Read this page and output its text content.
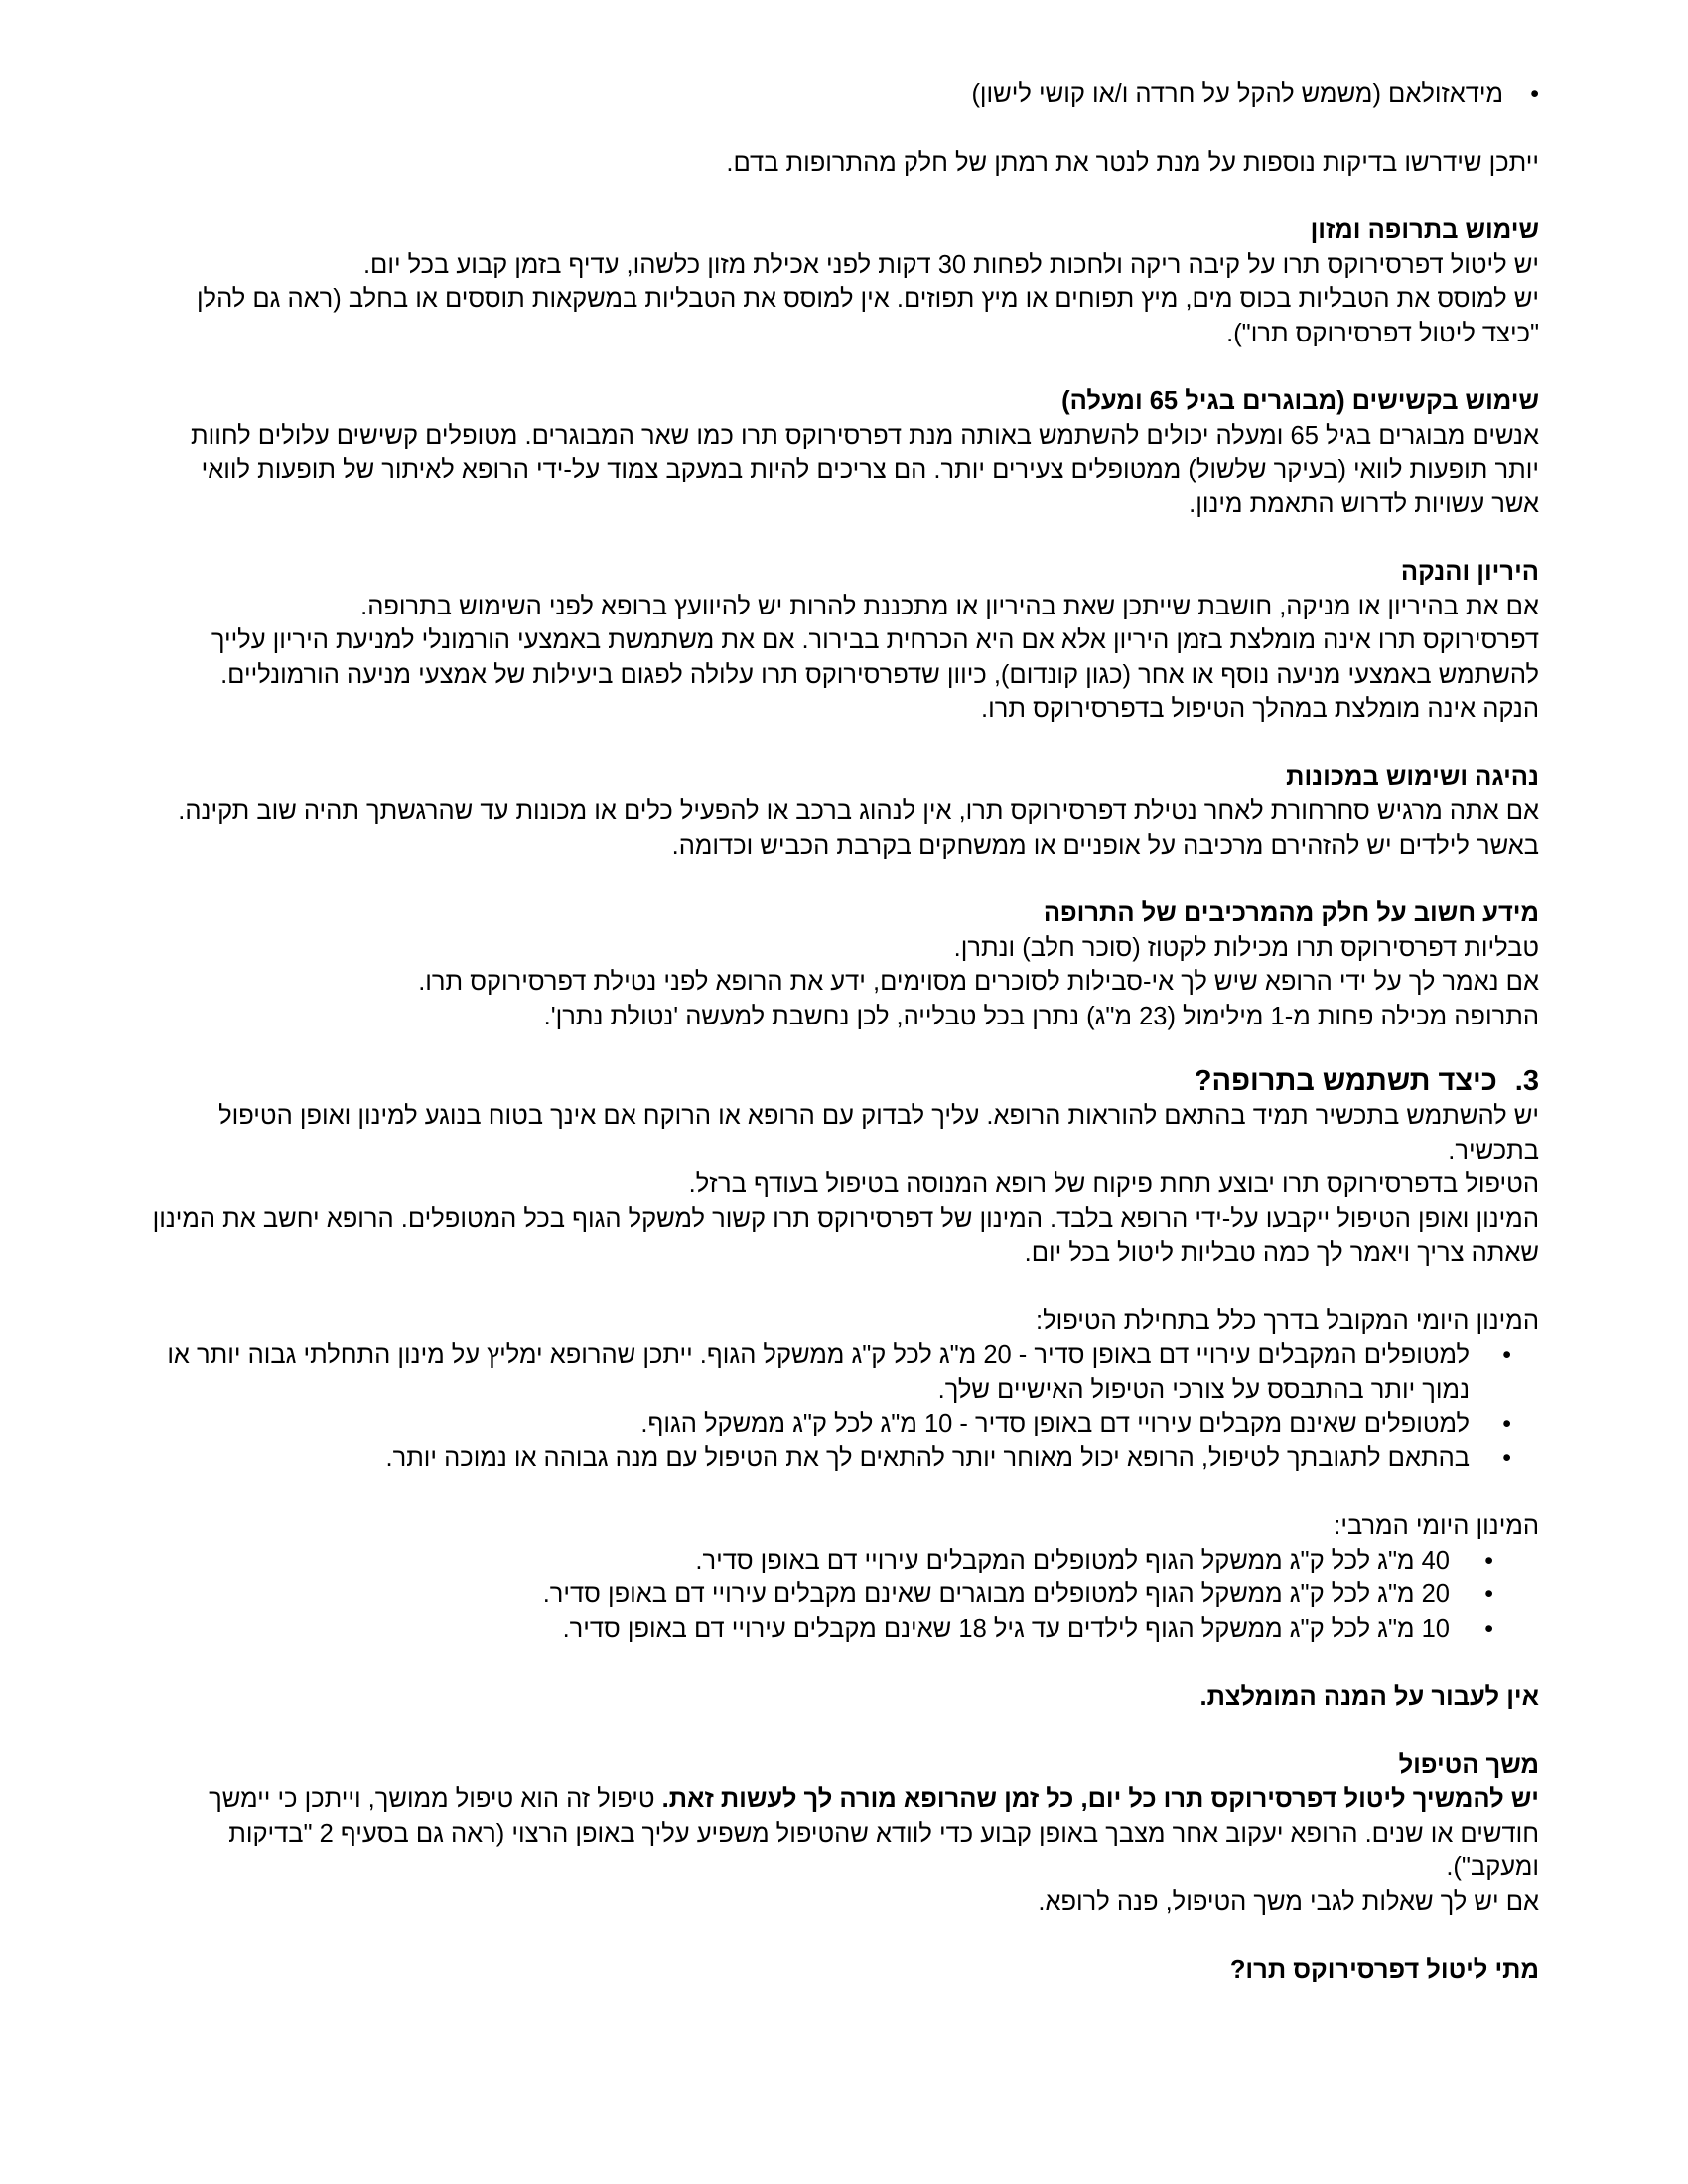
• מידאזולאם (משמש להקל על חרדה ו/או קושי לישון)

ייתכן שידרשו בדיקות נוספות על מנת לנטר את רמתן של חלק מהתרופות בדם.

שימוש בתרופה ומזון

יש ליטול דפרסירוקס תרו על קיבה ריקה ולחכות לפחות 30 דקות לפני אכילת מזון כלשהו, עדיף בזמן קבוע בכל יום.

יש למוסס את הטבליות בכוס מים, מיץ תפוחים או מיץ תפוזים. אין למוסס את הטבליות במשקאות תוססים או בחלב (ראה גם להלן "כיצד ליטול דפרסירוקס תרו").

שימוש בקשישים (מבוגרים בגיל 65 ומעלה)

אנשים מבוגרים בגיל 65 ומעלה יכולים להשתמש באותה מנת דפרסירוקס תרו כמו שאר המבוגרים. מטופלים קשישים עלולים לחוות יותר תופעות לוואי (בעיקר שלשול) ממטופלים צעירים יותר. הם צריכים להיות במעקב צמוד על-ידי הרופא לאיתור של תופעות לוואי אשר עשויות לדרוש התאמת מינון.

היריון והנקה

אם את בהיריון או מניקה, חושבת שייתכן שאת בהיריון או מתכננת להרות יש להיוועץ ברופא לפני השימוש בתרופה.

דפרסירוקס תרו אינה מומלצת בזמן היריון אלא אם היא הכרחית בבירור. אם את משתמשת באמצעי הורמונלי למניעת היריון עלייך להשתמש באמצעי מניעה נוסף או אחר (כגון קונדום), כיוון שדפרסירוקס תרו עלולה לפגום ביעילות של אמצעי מניעה הורמונליים.

הנקה אינה מומלצת במהלך הטיפול בדפרסירוקס תרו.

נהיגה ושימוש במכונות

אם אתה מרגיש סחרחורת לאחר נטילת דפרסירוקס תרו, אין לנהוג ברכב או להפעיל כלים או מכונות עד שהרגשתך תהיה שוב תקינה. באשר לילדים יש להזהירם מרכיבה על אופניים או ממשחקים בקרבת הכביש וכדומה.

מידע חשוב על חלק מהמרכיבים של התרופה

טבליות דפרסירוקס תרו מכילות לקטוז (סוכר חלב) ונתרן.

אם נאמר לך על ידי הרופא שיש לך אי-סבילות לסוכרים מסוימים, ידע את הרופא לפני נטילת דפרסירוקס תרו.

התרופה מכילה פחות מ-1 מילימול (23 מ"ג) נתרן בכל טבלייה, לכן נחשבת למעשה 'נטולת נתרן'.

3.כיצד תשתמש בתרופה?

יש להשתמש בתכשיר תמיד בהתאם להוראות הרופא. עליך לבדוק עם הרופא או הרוקח אם אינך בטוח בנוגע למינון ואופן הטיפול בתכשיר.

הטיפול בדפרסירוקס תרו יבוצע תחת פיקוח של רופא המנוסה בטיפול בעודף ברזל.

המינון ואופן הטיפול ייקבעו על-ידי הרופא בלבד. המינון של דפרסירוקס תרו קשור למשקל הגוף בכל המטופלים. הרופא יחשב את המינון שאתה צריך ויאמר לך כמה טבליות ליטול בכל יום.

המינון היומי המקובל בדרך כלל בתחילת הטיפול:

• למטופלים המקבלים עירויי דם באופן סדיר - 20 מ"ג לכל ק"ג ממשקל הגוף. ייתכן שהרופא ימליץ על מינון התחלתי גבוה יותר או נמוך יותר בהתבסס על צורכי הטיפול האישיים שלך.
• למטופלים שאינם מקבלים עירויי דם באופן סדיר - 10 מ"ג לכל ק"ג ממשקל הגוף.
• בהתאם לתגובתך לטיפול, הרופא יכול מאוחר יותר להתאים לך את הטיפול עם מנה גבוהה או נמוכה יותר.

המינון היומי המרבי:

• 40 מ"ג לכל ק"ג ממשקל הגוף למטופלים המקבלים עירויי דם באופן סדיר.
• 20 מ"ג לכל ק"ג ממשקל הגוף למטופלים מבוגרים שאינם מקבלים עירויי דם באופן סדיר.
• 10 מ"ג לכל ק"ג ממשקל הגוף לילדים עד גיל 18 שאינם מקבלים עירויי דם באופן סדיר.

אין לעבור על המנה המומלצת.

משך הטיפול

יש להמשיך ליטול דפרסירוקס תרו כל יום, כל זמן שהרופא מורה לך לעשות זאת. טיפול זה הוא טיפול ממושך, וייתכן כי יימשך חודשים או שנים. הרופא יעקוב אחר מצבך באופן קבוע כדי לוודא שהטיפול משפיע עליך באופן הרצוי (ראה גם בסעיף 2 "בדיקות ומעקב").

אם יש לך שאלות לגבי משך הטיפול, פנה לרופא.

מתי ליטול דפרסירוקס תרו?
